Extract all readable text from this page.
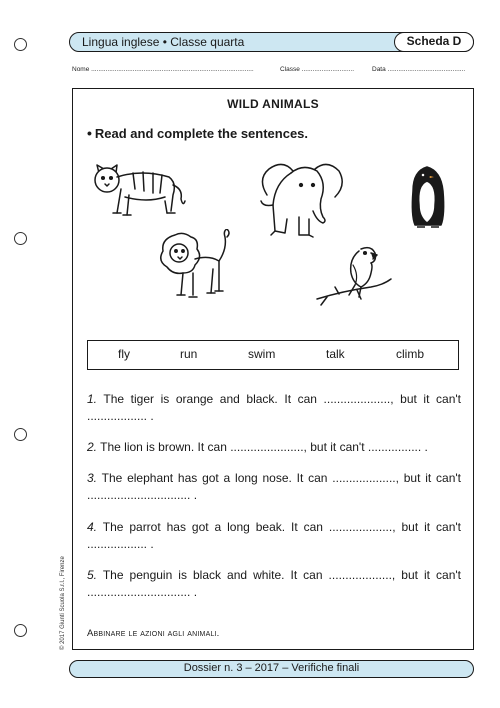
Lingua inglese • Classe quarta	Scheda D
Nome ..........................................................................................	Classe .............................	Data ...........................................
WILD ANIMALS
• Read and complete the sentences.
fly	run	swim	talk	climb
1. The tiger is orange and black. It can ...................., but it can't .................. .
2. The lion is brown. It can ......................, but it can't ................ .
3. The elephant has got a long nose. It can ..................., but it can't ............................... .
4. The parrot has got a long beak. It can ..................., but it can't .................. .
5. The penguin is black and white. It can ..................., but it can't ............................... .
Abbinare le azioni agli animali.
© 2017 Giunti Scuola S.r.l., Firenze
Dossier n. 3 – 2017 – Verifiche finali
